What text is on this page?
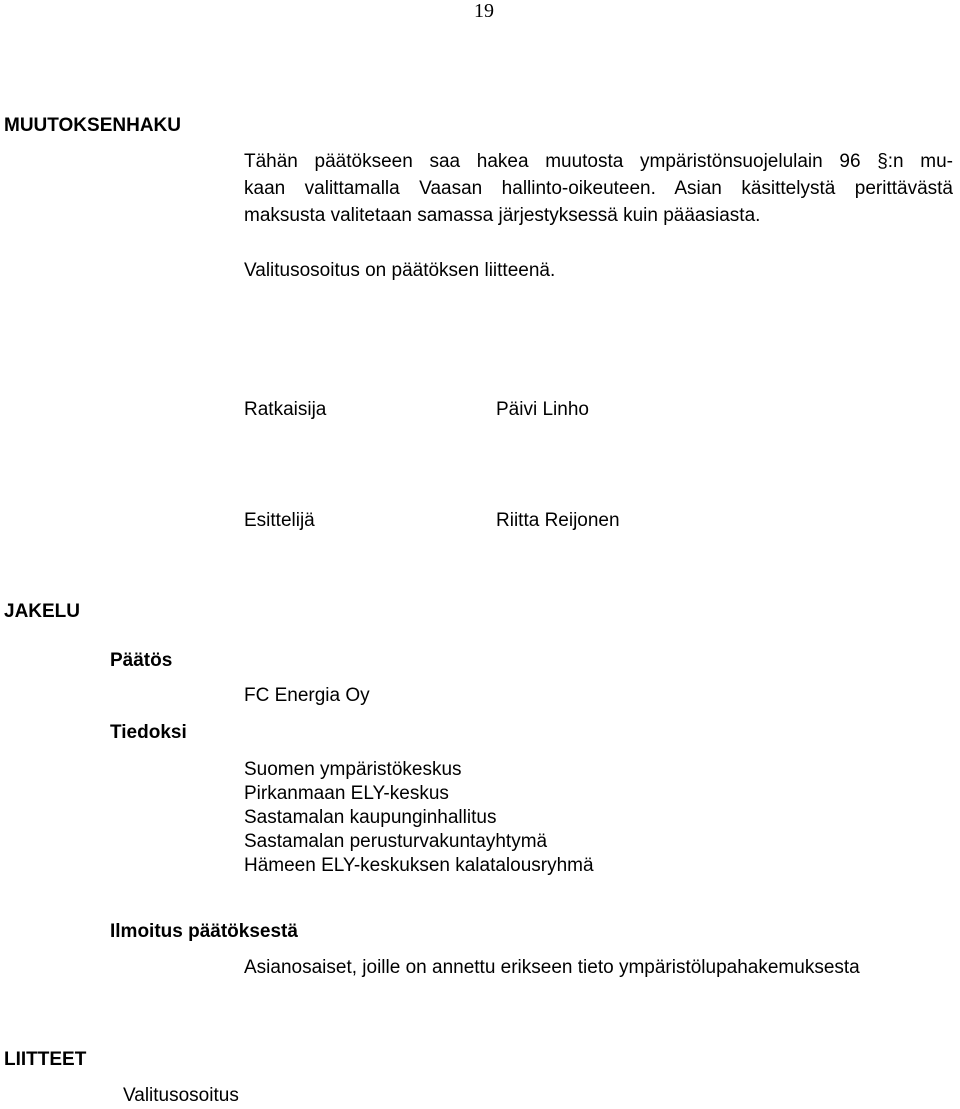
19
MUUTOKSENHAKU
Tähän päätökseen saa hakea muutosta ympäristönsuojelulain 96 §:n mu-
kaan valittamalla Vaasan hallinto-oikeuteen. Asian käsittelystä perittävästä
maksusta valitetaan samassa järjestyksessä kuin pääasiasta.
Valitusosoitus on päätöksen liitteenä.
Ratkaisija	Päivi Linho
Esittelijä	Riitta Reijonen
JAKELU
Päätös
FC Energia Oy
Tiedoksi
Suomen ympäristökeskus
Pirkanmaan ELY-keskus
Sastamalan kaupunginhallitus
Sastamalan perusturvakuntayhtymä
Hämeen ELY-keskuksen kalatalousryhmä
Ilmoitus päätöksestä
Asianosaiset, joille on annettu erikseen tieto ympäristölupahakemuksesta
LIITTEET
Valitusosoitus
